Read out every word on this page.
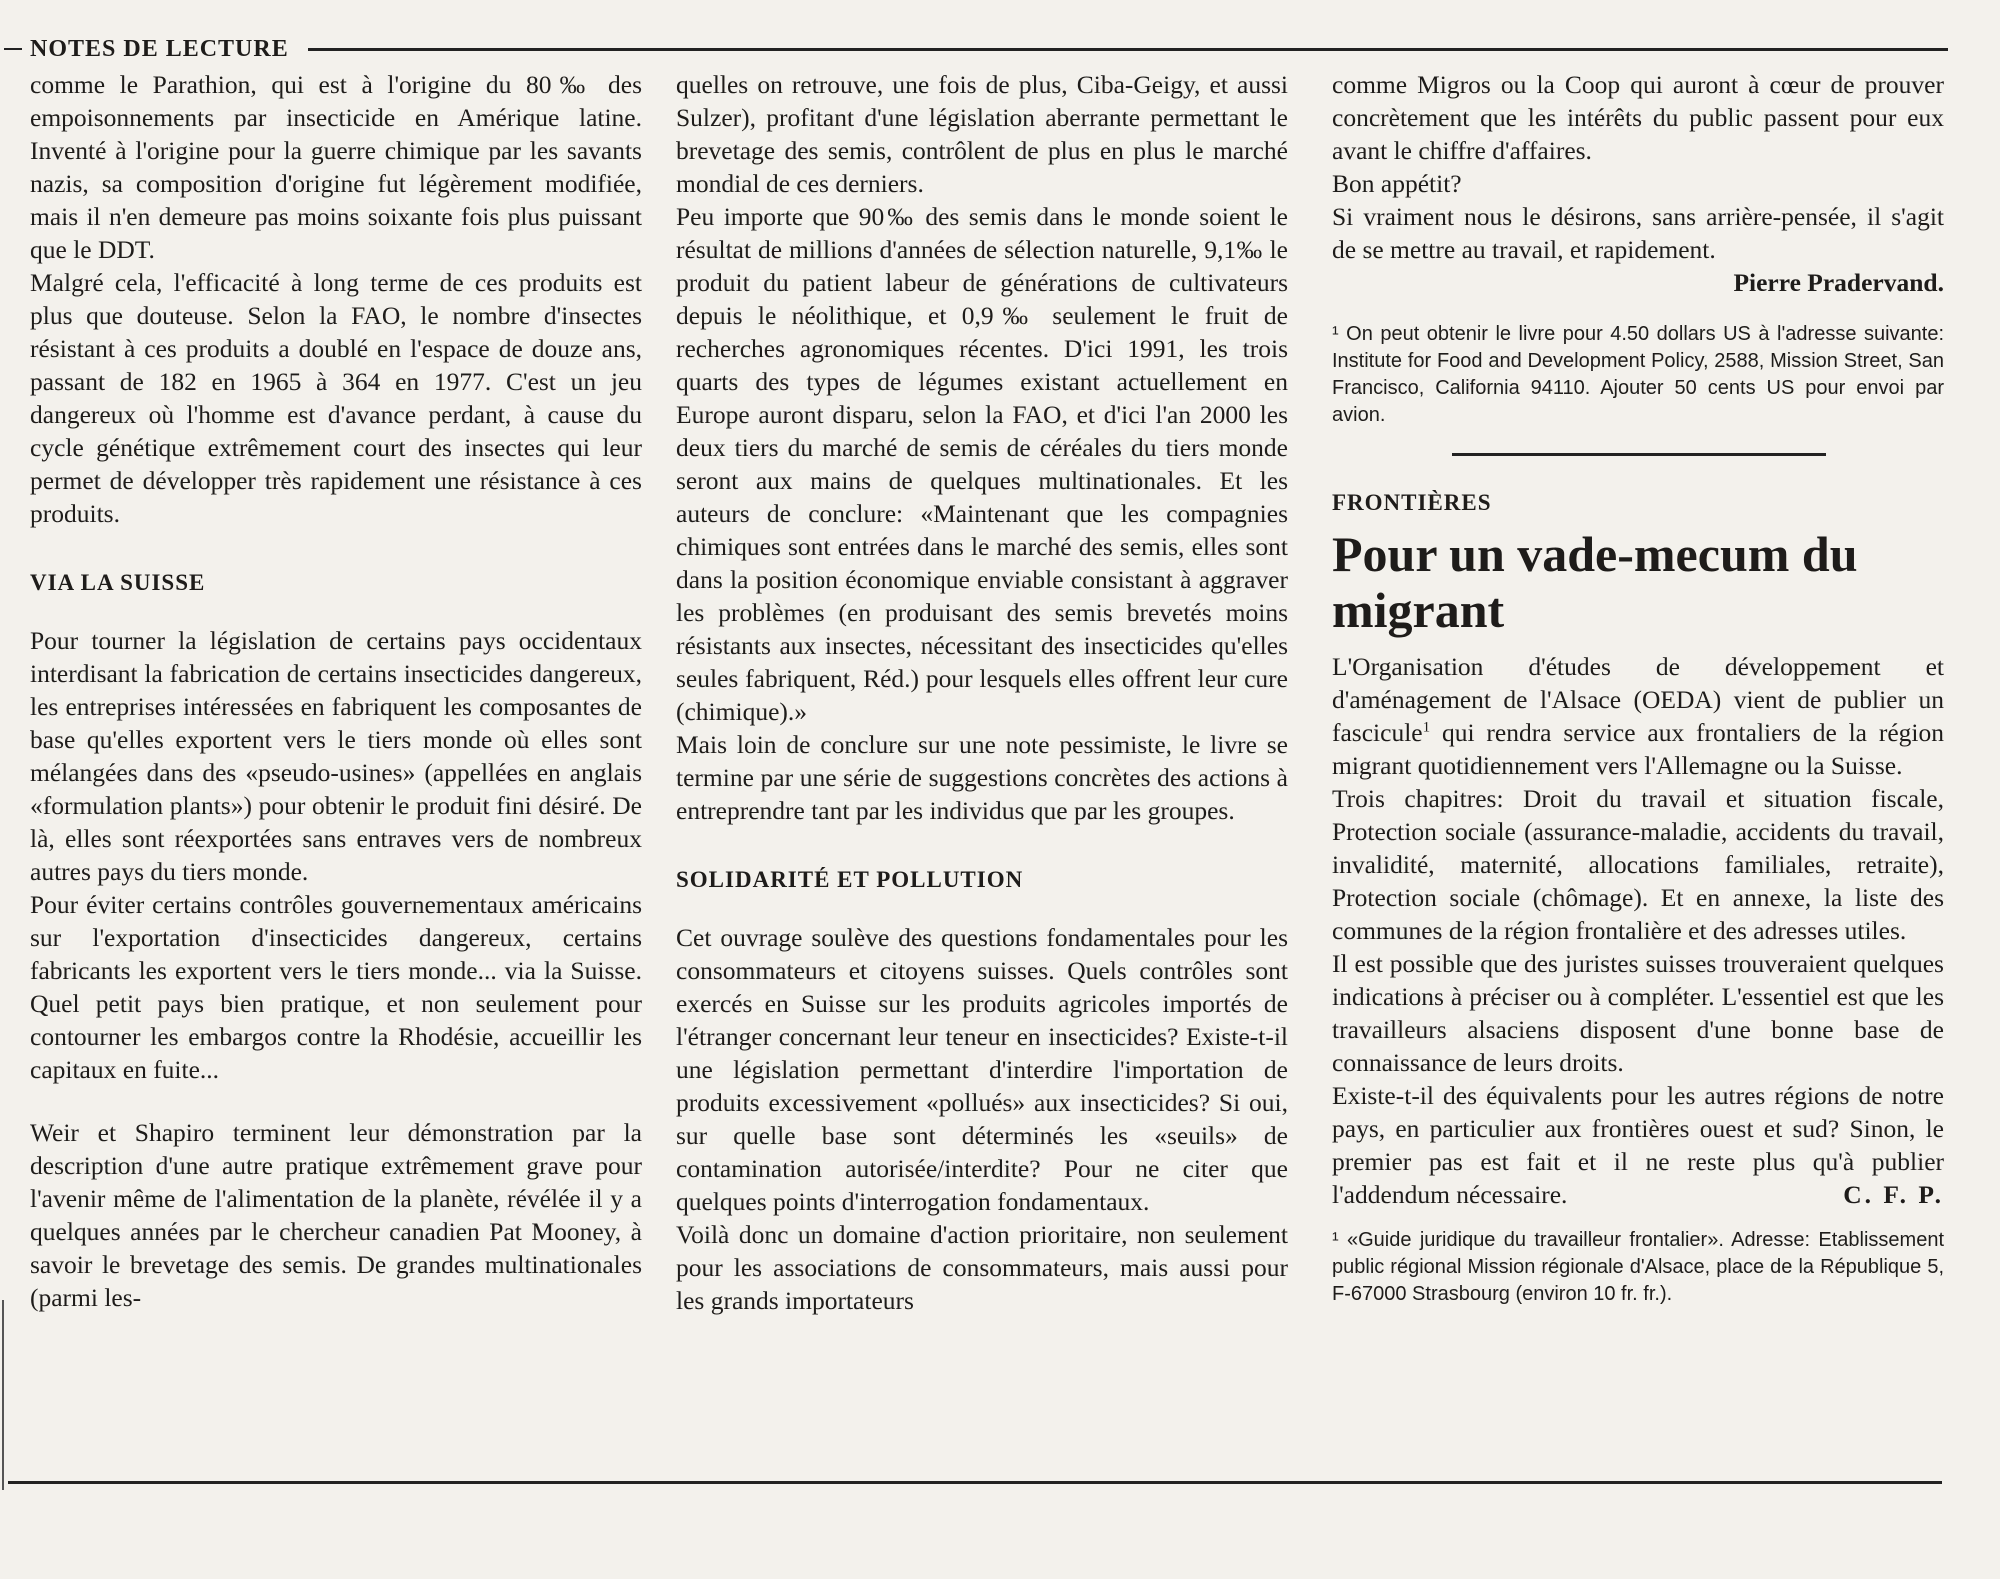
NOTES DE LECTURE

comme le Parathion, qui est à l'origine du 80‰ des empoisonnements par insecticide en Amérique latine. Inventé à l'origine pour la guerre chimique par les savants nazis, sa composition d'origine fut légèrement modifiée, mais il n'en demeure pas moins soixante fois plus puissant que le DDT.

Malgré cela, l'efficacité à long terme de ces produits est plus que douteuse. Selon la FAO, le nombre d'insectes résistant à ces produits a doublé en l'espace de douze ans, passant de 182 en 1965 à 364 en 1977. C'est un jeu dangereux où l'homme est d'avance perdant, à cause du cycle génétique extrêmement court des insectes qui leur permet de développer très rapidement une résistance à ces produits.

VIA LA SUISSE

Pour tourner la législation de certains pays occidentaux interdisant la fabrication de certains insecticides dangereux, les entreprises intéressées en fabriquent les composantes de base qu'elles exportent vers le tiers monde où elles sont mélangées dans des «pseudo-usines» (appellées en anglais «formulation plants») pour obtenir le produit fini désiré. De là, elles sont réexportées sans entraves vers de nombreux autres pays du tiers monde.

Pour éviter certains contrôles gouvernementaux américains sur l'exportation d'insecticides dangereux, certains fabricants les exportent vers le tiers monde... via la Suisse. Quel petit pays bien pratique, et non seulement pour contourner les embargos contre la Rhodésie, accueillir les capitaux en fuite...

Weir et Shapiro terminent leur démonstration par la description d'une autre pratique extrêmement grave pour l'avenir même de l'alimentation de la planète, révélée il y a quelques années par le chercheur canadien Pat Mooney, à savoir le brevetage des semis. De grandes multinationales (parmi les-

quelles on retrouve, une fois de plus, Ciba-Geigy, et aussi Sulzer), profitant d'une législation aberrante permettant le brevetage des semis, contrôlent de plus en plus le marché mondial de ces derniers.

Peu importe que 90‰ des semis dans le monde soient le résultat de millions d'années de sélection naturelle, 9,1‰ le produit du patient labeur de générations de cultivateurs depuis le néolithique, et 0,9‰ seulement le fruit de recherches agronomiques récentes. D'ici 1991, les trois quarts des types de légumes existant actuellement en Europe auront disparu, selon la FAO, et d'ici l'an 2000 les deux tiers du marché de semis de céréales du tiers monde seront aux mains de quelques multinationales. Et les auteurs de conclure: «Maintenant que les compagnies chimiques sont entrées dans le marché des semis, elles sont dans la position économique enviable consistant à aggraver les problèmes (en produisant des semis brevetés moins résistants aux insectes, nécessitant des insecticides qu'elles seules fabriquent, Réd.) pour lesquels elles offrent leur cure (chimique).»

Mais loin de conclure sur une note pessimiste, le livre se termine par une série de suggestions concrètes des actions à entreprendre tant par les individus que par les groupes.

SOLIDARITÉ ET POLLUTION

Cet ouvrage soulève des questions fondamentales pour les consommateurs et citoyens suisses. Quels contrôles sont exercés en Suisse sur les produits agricoles importés de l'étranger concernant leur teneur en insecticides? Existe-t-il une législation permettant d'interdire l'importation de produits excessivement «pollués» aux insecticides? Si oui, sur quelle base sont déterminés les «seuils» de contamination autorisée/interdite? Pour ne citer que quelques points d'interrogation fondamentaux.

Voilà donc un domaine d'action prioritaire, non seulement pour les associations de consommateurs, mais aussi pour les grands importateurs

comme Migros ou la Coop qui auront à cœur de prouver concrètement que les intérêts du public passent pour eux avant le chiffre d'affaires.

Bon appétit?

Si vraiment nous le désirons, sans arrière-pensée, il s'agit de se mettre au travail, et rapidement.

Pierre Pradervand.

¹ On peut obtenir le livre pour 4.50 dollars US à l'adresse suivante: Institute for Food and Development Policy, 2588, Mission Street, San Francisco, California 94110. Ajouter 50 cents US pour envoi par avion.

FRONTIÈRES
Pour un vade-mecum du migrant

L'Organisation d'études de développement et d'aménagement de l'Alsace (OEDA) vient de publier un fascicule$^1$ qui rendra service aux frontaliers de la région migrant quotidiennement vers l'Allemagne ou la Suisse.

Trois chapitres: Droit du travail et situation fiscale, Protection sociale (assurance-maladie, accidents du travail, invalidité, maternité, allocations familiales, retraite), Protection sociale (chômage). Et en annexe, la liste des communes de la région frontalière et des adresses utiles.

Il est possible que des juristes suisses trouveraient quelques indications à préciser ou à compléter. L'essentiel est que les travailleurs alsaciens disposent d'une bonne base de connaissance de leurs droits.

Existe-t-il des équivalents pour les autres régions de notre pays, en particulier aux frontières ouest et sud? Sinon, le premier pas est fait et il ne reste plus qu'à publier l'addendum nécessaire.	C. F. P.

¹ «Guide juridique du travailleur frontalier». Adresse: Etablissement public régional Mission régionale d'Alsace, place de la République 5, F-67000 Strasbourg (environ 10 fr. fr.).
